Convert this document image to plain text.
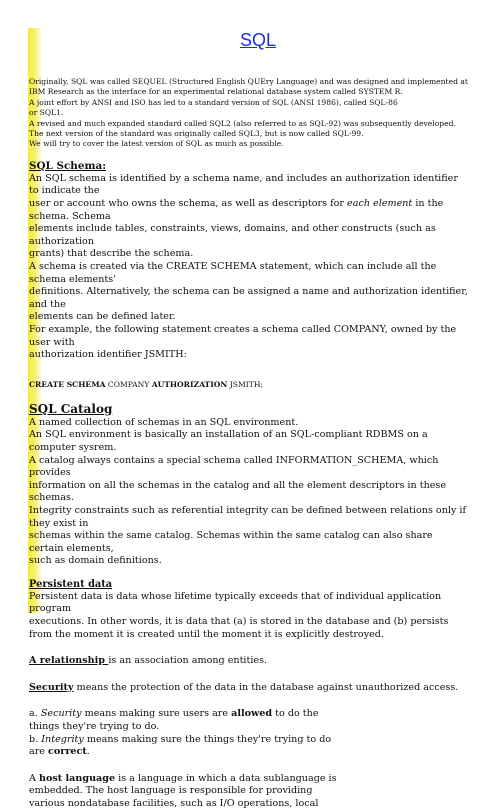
SQL

Originally, SQL was called SEQUEL (Structured English QUEry Language) and was designed and implemented at

IBM Research as the interface for an experimental relational database system called SYSTEM R.

A joint effort by ANSI and ISO has led to a standard version of SQL (ANSI 1986), called SQL-86

or SQL1.

A revised and much expanded standard called SQL2 (also referred to as SQL-92) was subsequently developed.

The next version of the standard was originally called SQL3, but is now called SQL-99.

We will try to cover the latest version of SQL as much as possible.

SQL Schema:

An SQL schema is identified by a schema name, and includes an authorization identifier to indicate the

user or account who owns the schema, as well as descriptors for each element in the schema. Schema

elements include tables, constraints, views, domains, and other constructs (such as authorization

grants) that describe the schema.

A schema is created via the CREATE SCHEMA statement, which can include all the schema elements'

definitions. Alternatively, the schema can be assigned a name and authorization identifier, and the

elements can be defined later.

For example, the following statement creates a schema called COMPANY, owned by the user with

authorization identifier JSMITH:

CREATE SCHEMA COMPANY AUTHORIZATION JSMITH;

SQL Catalog

A named collection of schemas in an SQL environment.

An SQL environment is basically an installation of an SQL-compliant RDBMS on a computer sysrem.

A catalog always contains a special schema called INFORMATION_SCHEMA, which provides

information on all the schemas in the catalog and all the element descriptors in these schemas.

Integrity constraints such as referential integrity can be defined between relations only if they exist in

schemas within the same catalog. Schemas within the same catalog can also share certain elements,

such as domain definitions.

Persistent data

Persistent data is data whose lifetime typically exceeds that of individual application program

executions. In other words, it is data that (a) is stored in the database and (b) persists

from the moment it is created until the moment it is explicitly destroyed.

A relationship is an association among entities.

Security means the protection of the data in the database against unauthorized access.

a. Security means making sure users are allowed to do the

things they're trying to do.

b. Integrity means making sure the things they're trying to do

are correct.

A host language is a language in which a data sublanguage is

embedded. The host language is responsible for providing

various nondatabase facilities, such as I/O operations, local
